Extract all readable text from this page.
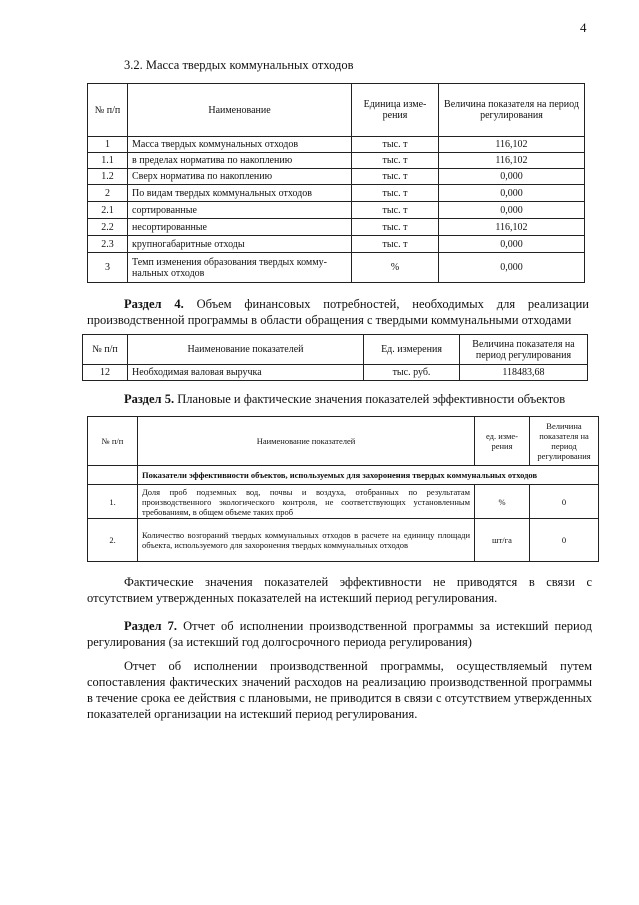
4
3.2. Масса твердых коммунальных отходов
№ п/п	Наименование	Единица изме-рения	Величина показателя на период регулирования
1	Масса твердых коммунальных отходов	тыс. т	116,102
1.1	в пределах норматива по накоплению	тыс. т	116,102
1.2	Сверх норматива по накоплению	тыс. т	0,000
2	По видам твердых коммунальных отходов	тыс. т	0,000
2.1	сортированные	тыс. т	0,000
2.2	несортированные	тыс. т	116,102
2.3	крупногабаритные отходы	тыс. т	0,000
3	Темп изменения образования твердых комму-нальных отходов	%	0,000
Раздел 4. Объем финансовых потребностей, необходимых для реализации производственной программы в области обращения с твердыми коммунальными отходами
№ п/п	Наименование показателей	Ед. измерения	Величина показателя на период регулирования
12	Необходимая валовая выручка	тыс. руб.	118483,68
Раздел 5. Плановые и фактические значения показателей эффективности объектов
№ п/п	Наименование показателей	ед. изме-рения	Величина показателя на период регулирования
	Показатели эффективности объектов, используемых для захоронения твердых коммунальных отходов		
1.	Доля проб подземных вод, почвы и воздуха, отобранных по результатам производственного экологического контроля, не соответствующих установленным требованиям, в общем объеме таких проб	%	0
2.	Количество возгораний твердых коммунальных отходов в расчете на единицу площади объекта, используемого для захоронения твердых коммунальных отходов	шт/га	0
Фактические значения показателей эффективности не приводятся в связи с отсутствием утвержденных показателей на истекший период регулирования.
Раздел 7. Отчет об исполнении производственной программы за истекший период регулирования (за истекший год долгосрочного периода регулирования)
Отчет об исполнении производственной программы, осуществляемый путем сопоставления фактических значений расходов на реализацию производственной программы в течение срока ее действия с плановыми, не приводится в связи с отсутствием утвержденных показателей организации на истекший период регулирования.
